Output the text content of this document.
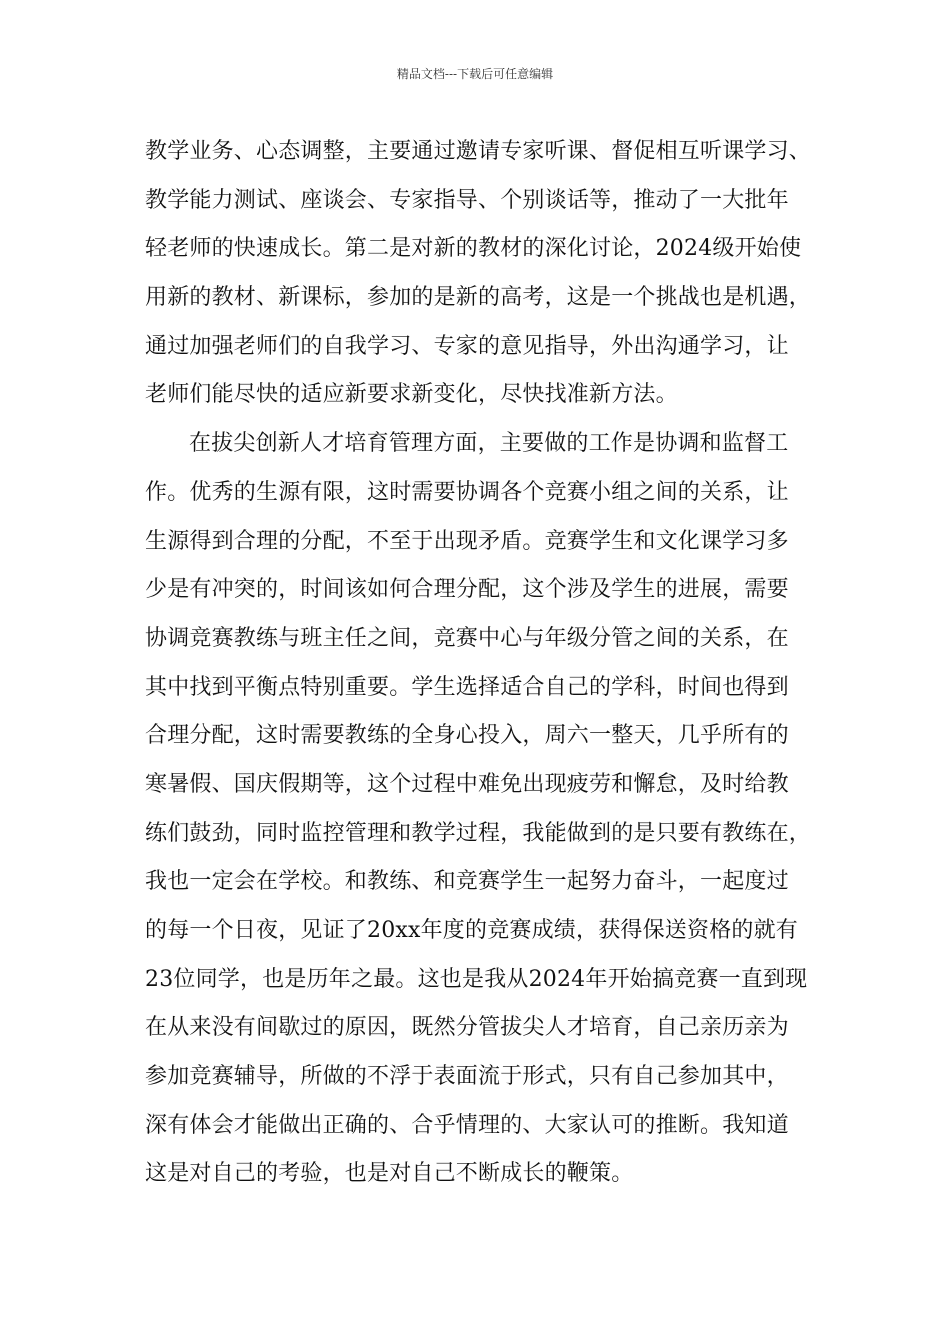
精品文档---下载后可任意编辑
教学业务、心态调整，主要通过邀请专家听课、督促相互听课学习、
教学能力测试、座谈会、专家指导、个别谈话等，推动了一大批年
轻老师的快速成长。第二是对新的教材的深化讨论，2024级开始使
用新的教材、新课标，参加的是新的高考，这是一个挑战也是机遇，
通过加强老师们的自我学习、专家的意见指导，外出沟通学习，让
老师们能尽快的适应新要求新变化，尽快找准新方法。
在拔尖创新人才培育管理方面，主要做的工作是协调和监督工
作。优秀的生源有限，这时需要协调各个竞赛小组之间的关系，让
生源得到合理的分配，不至于出现矛盾。竞赛学生和文化课学习多
少是有冲突的，时间该如何合理分配，这个涉及学生的进展，需要
协调竞赛教练与班主任之间，竞赛中心与年级分管之间的关系，在
其中找到平衡点特别重要。学生选择适合自己的学科，时间也得到
合理分配，这时需要教练的全身心投入，周六一整天，几乎所有的
寒暑假、国庆假期等，这个过程中难免出现疲劳和懈怠，及时给教
练们鼓劲，同时监控管理和教学过程，我能做到的是只要有教练在，
我也一定会在学校。和教练、和竞赛学生一起努力奋斗，一起度过
的每一个日夜，见证了20xx年度的竞赛成绩，获得保送资格的就有
23位同学，也是历年之最。这也是我从2024年开始搞竞赛一直到现
在从来没有间歇过的原因，既然分管拔尖人才培育，自己亲历亲为
参加竞赛辅导，所做的不浮于表面流于形式，只有自己参加其中，
深有体会才能做出正确的、合乎情理的、大家认可的推断。我知道
这是对自己的考验，也是对自己不断成长的鞭策。
